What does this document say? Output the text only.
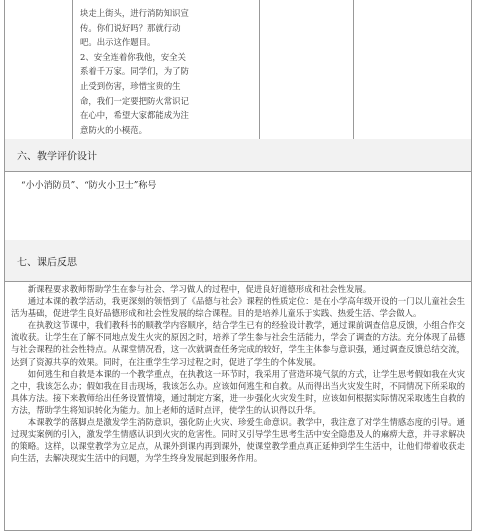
块走上街头，进行消防知识宣传。你们说好吗？那就行动吧。出示这作题目。
2、安全连着你我他，安全关系着千万家。同学们，为了防止受到伤害，珍惜宝贵的生命，我们一定要把防火常识记在心中，希望大家都能成为注意防火的小模范。
六、教学评价设计
“小小消防员”、“防火小卫士”称号
七、课后反思

新课程要求教师帮助学生在参与社会、学习做人的过程中，促进良好道德形成和社会性发展。

通过本课的教学活动，我更深刻的领悟到了《品德与社会》课程的性质定位：是在小学高年级开设的一门以儿童社会生活为基础，促进学生良好品德形成和社会性发展的综合课程。目的是培养儿童乐于实践、热爱生活、学会做人。

在执教这节课中，我们教科书的顺教学内容顺序，结合学生已有的经验设计教学，通过课前调查信息反馈，小组合作交流收获。让学生在了解不同地点发生火灾的原因之时，培养了学生参与社会生活能力，学会了调查的方法。充分体现了品德与社会课程的社会性特点。从课堂情况看，这一次就调查任务完成的较好，学生主体参与意识强，通过调查反馈总结交流，达到了资源共享的效果。同时，在注重学生学习过程之时，促进了学生的个体发展。

如何逃生和自救是本课的一个教学重点，在执教这一环节时，我采用了营造环境气氛的方式，让学生思考假如我在火灾之中，我该怎么办；假如我在目击现场，我该怎么办。应该如何逃生和自救。从而得出当火灾发生时，不同情况下所采取的具体方法。接下来教师给出任务设置情境，通过制定方案，进一步强化火灾发生时，应该如何根据实际情况采取逃生自救的方法，帮助学生将知识转化为能力。加上老师的适时点评，使学生的认识得以升华。

本课教学的落脚点是激发学生消防意识，强化防止火灾、珍爱生命意识。教学中，我注意了对学生情感态度的引导。通过现实案例的引入，激发学生情感认识到火灾的危害性。同时又引导学生思考生活中安全隐患及人的麻痹大意，并寻求解决的策略。这样，以课堂教学为立足点，从课外到课内再到课外，使课堂教学重点真正延伸到学生生活中，让他们带着收获走向生活，去解决现实生活中的问题，为学生终身发展起到服务作用。
